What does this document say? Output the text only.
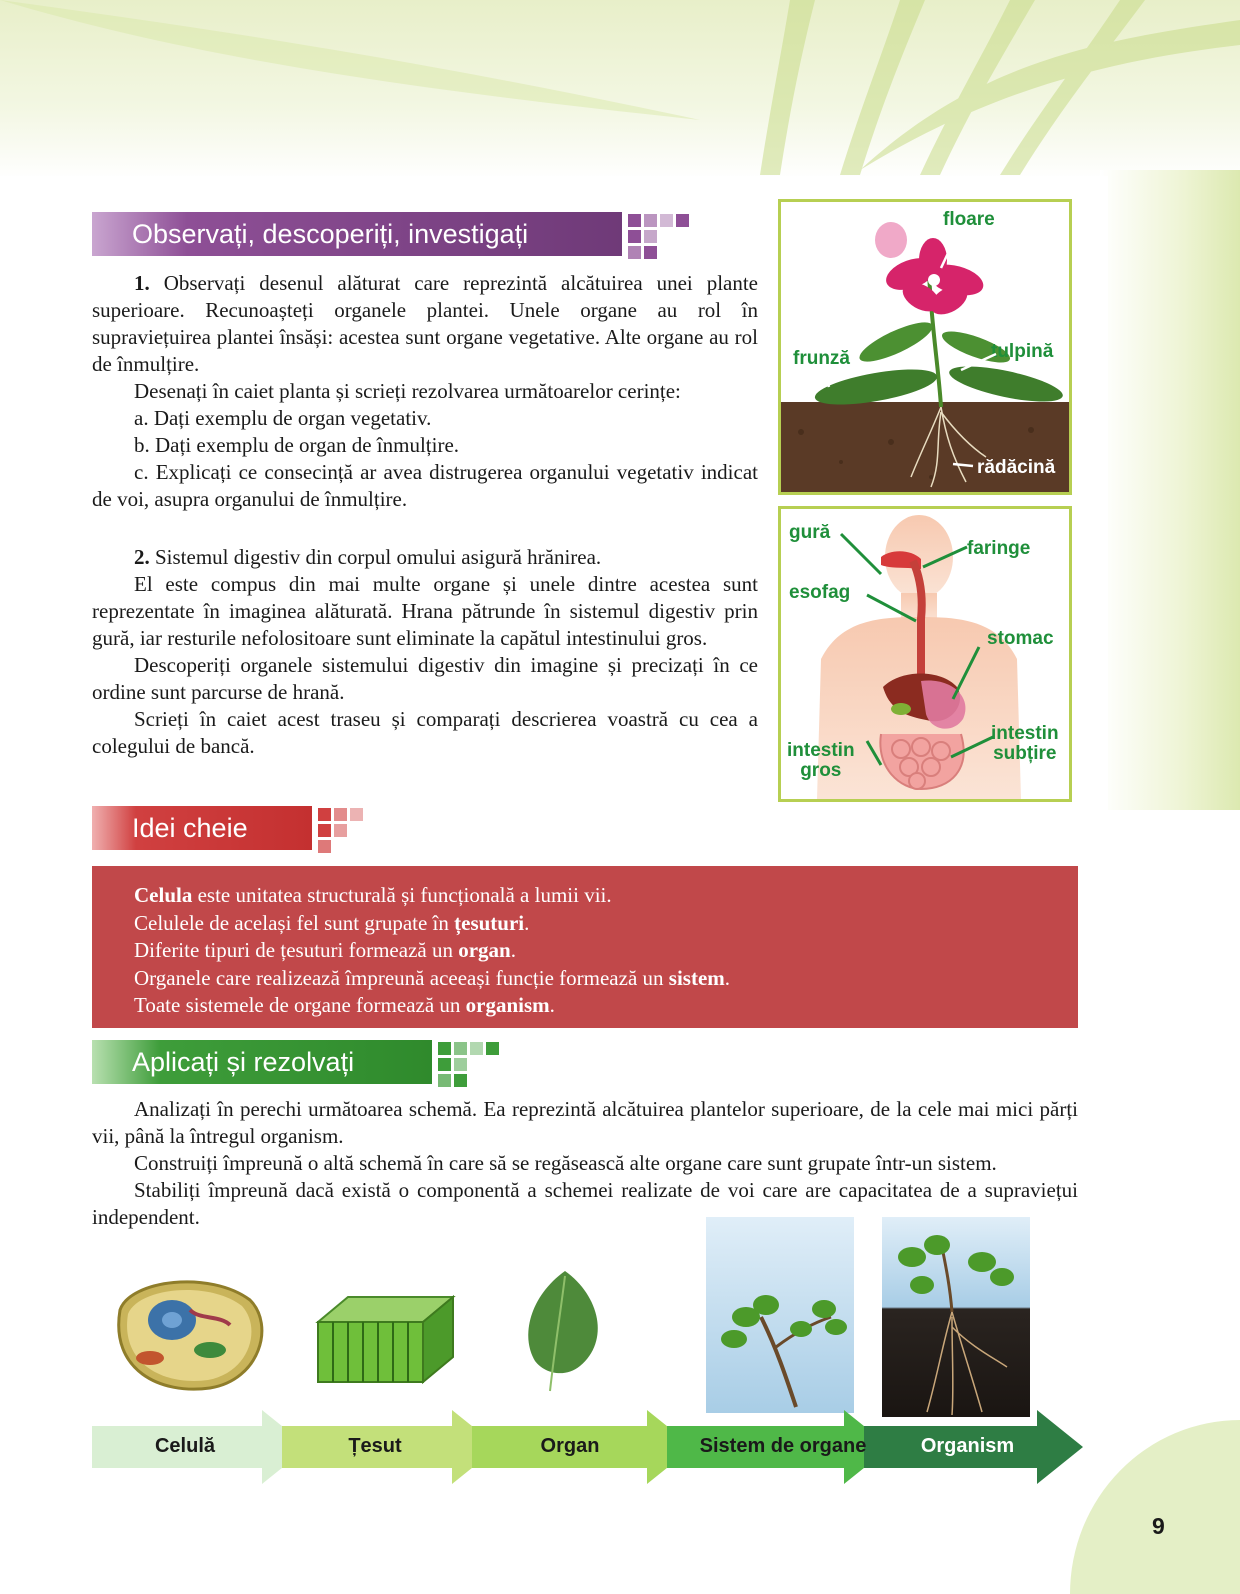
Observați, descoperiți, investigați

1. Observați desenul alăturat care reprezintă alcătuirea unei plante superioare. Recunoașteți organele plantei. Unele organe au rol în supraviețuirea plantei însăși: acestea sunt organe vegetative. Alte organe au rol de înmulțire.

Desenați în caiet planta și scrieți rezolvarea următoarelor cerințe:

a. Dați exemplu de organ vegetativ.

b. Dați exemplu de organ de înmulțire.

c. Explicați ce consecință ar avea distrugerea organului vegetativ indicat de voi, asupra organului de înmulțire.

2. Sistemul digestiv din corpul omului asigură hrănirea.

El este compus din mai multe organe și unele dintre acestea sunt reprezentate în imaginea alăturată. Hrana pătrunde în sistemul digestiv prin gură, iar resturile nefolositoare sunt eliminate la capătul intestinului gros.

Descoperiți organele sistemului digestiv din imagine și precizați în ce ordine sunt parcurse de hrană.

Scrieți în caiet acest traseu și comparați descrierea voastră cu cea a colegului de bancă.

floare
frunză	tulpină
rădăcină
gură
faringe
esofag
stomac
intestin
subțire
intestin
gros
Idei cheie

Celula este unitatea structurală și funcțională a lumii vii.

Celulele de același fel sunt grupate în țesuturi.

Diferite tipuri de țesuturi formează un organ.

Organele care realizează împreună aceeași funcție formează un sistem.

Toate sistemele de organe formează un organism.

Aplicați și rezolvați

Analizați în perechi următoarea schemă. Ea reprezintă alcătuirea plantelor superioare, de la cele mai mici părți vii, până la întregul organism.

Construiți împreună o altă schemă în care să se regăsească alte organe care sunt grupate într-un sistem.

Stabiliți împreună dacă există o componentă a schemei realizate de voi care are capacitatea de a supraviețui independent.

Celulă	Țesut	Organ	Sistem de organe	Organism
9
